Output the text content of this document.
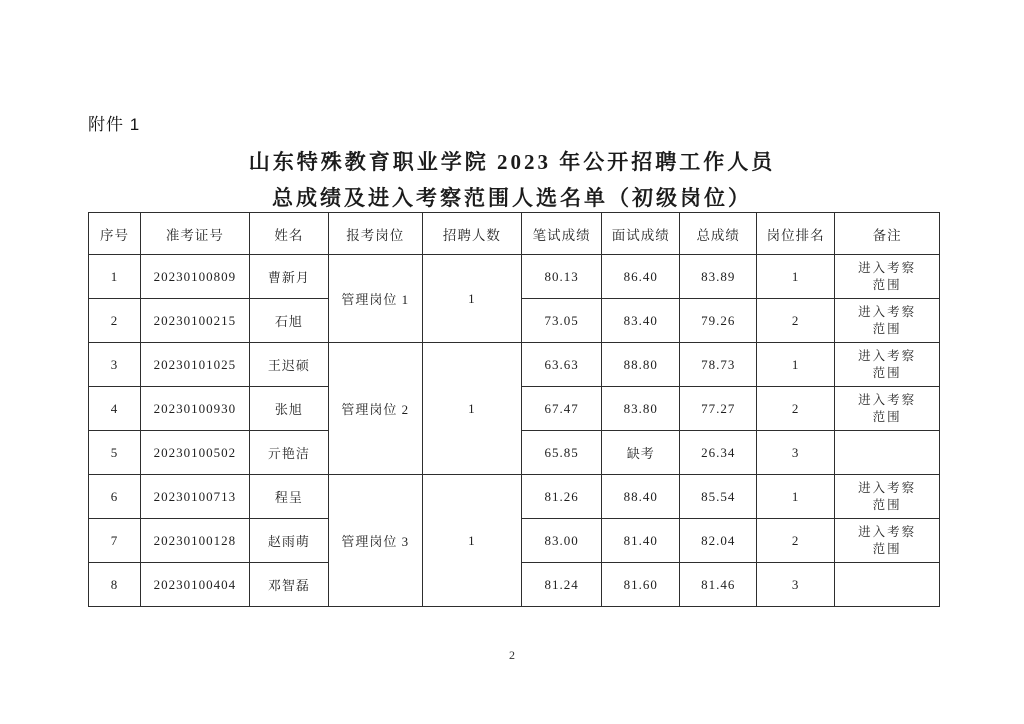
附件 1
山东特殊教育职业学院 2023 年公开招聘工作人员
总成绩及进入考察范围人选名单（初级岗位）
序号	准考证号	姓名	报考岗位	招聘人数	笔试成绩	面试成绩	总成绩	岗位排名	备注
1	20230100809	曹新月	管理岗位 1	1	80.13	86.40	83.89	1	进入考察
范围

2	20230100215	石旭			73.05	83.40	79.26	2	进入考察
范围

3	20230101025	王迟硕	管理岗位 2	1	63.63	88.80	78.73	1	进入考察
范围

4	20230100930	张旭			67.47	83.80	77.27	2	进入考察
范围

5	20230100502	亓艳洁			65.85	缺考	26.34	3	

6	20230100713	程呈	管理岗位 3	1	81.26	88.40	85.54	1	进入考察
范围

7	20230100128	赵雨萌			83.00	81.40	82.04	2	进入考察
范围

8	20230100404	邓智磊			81.24	81.60	81.46	3	
2
